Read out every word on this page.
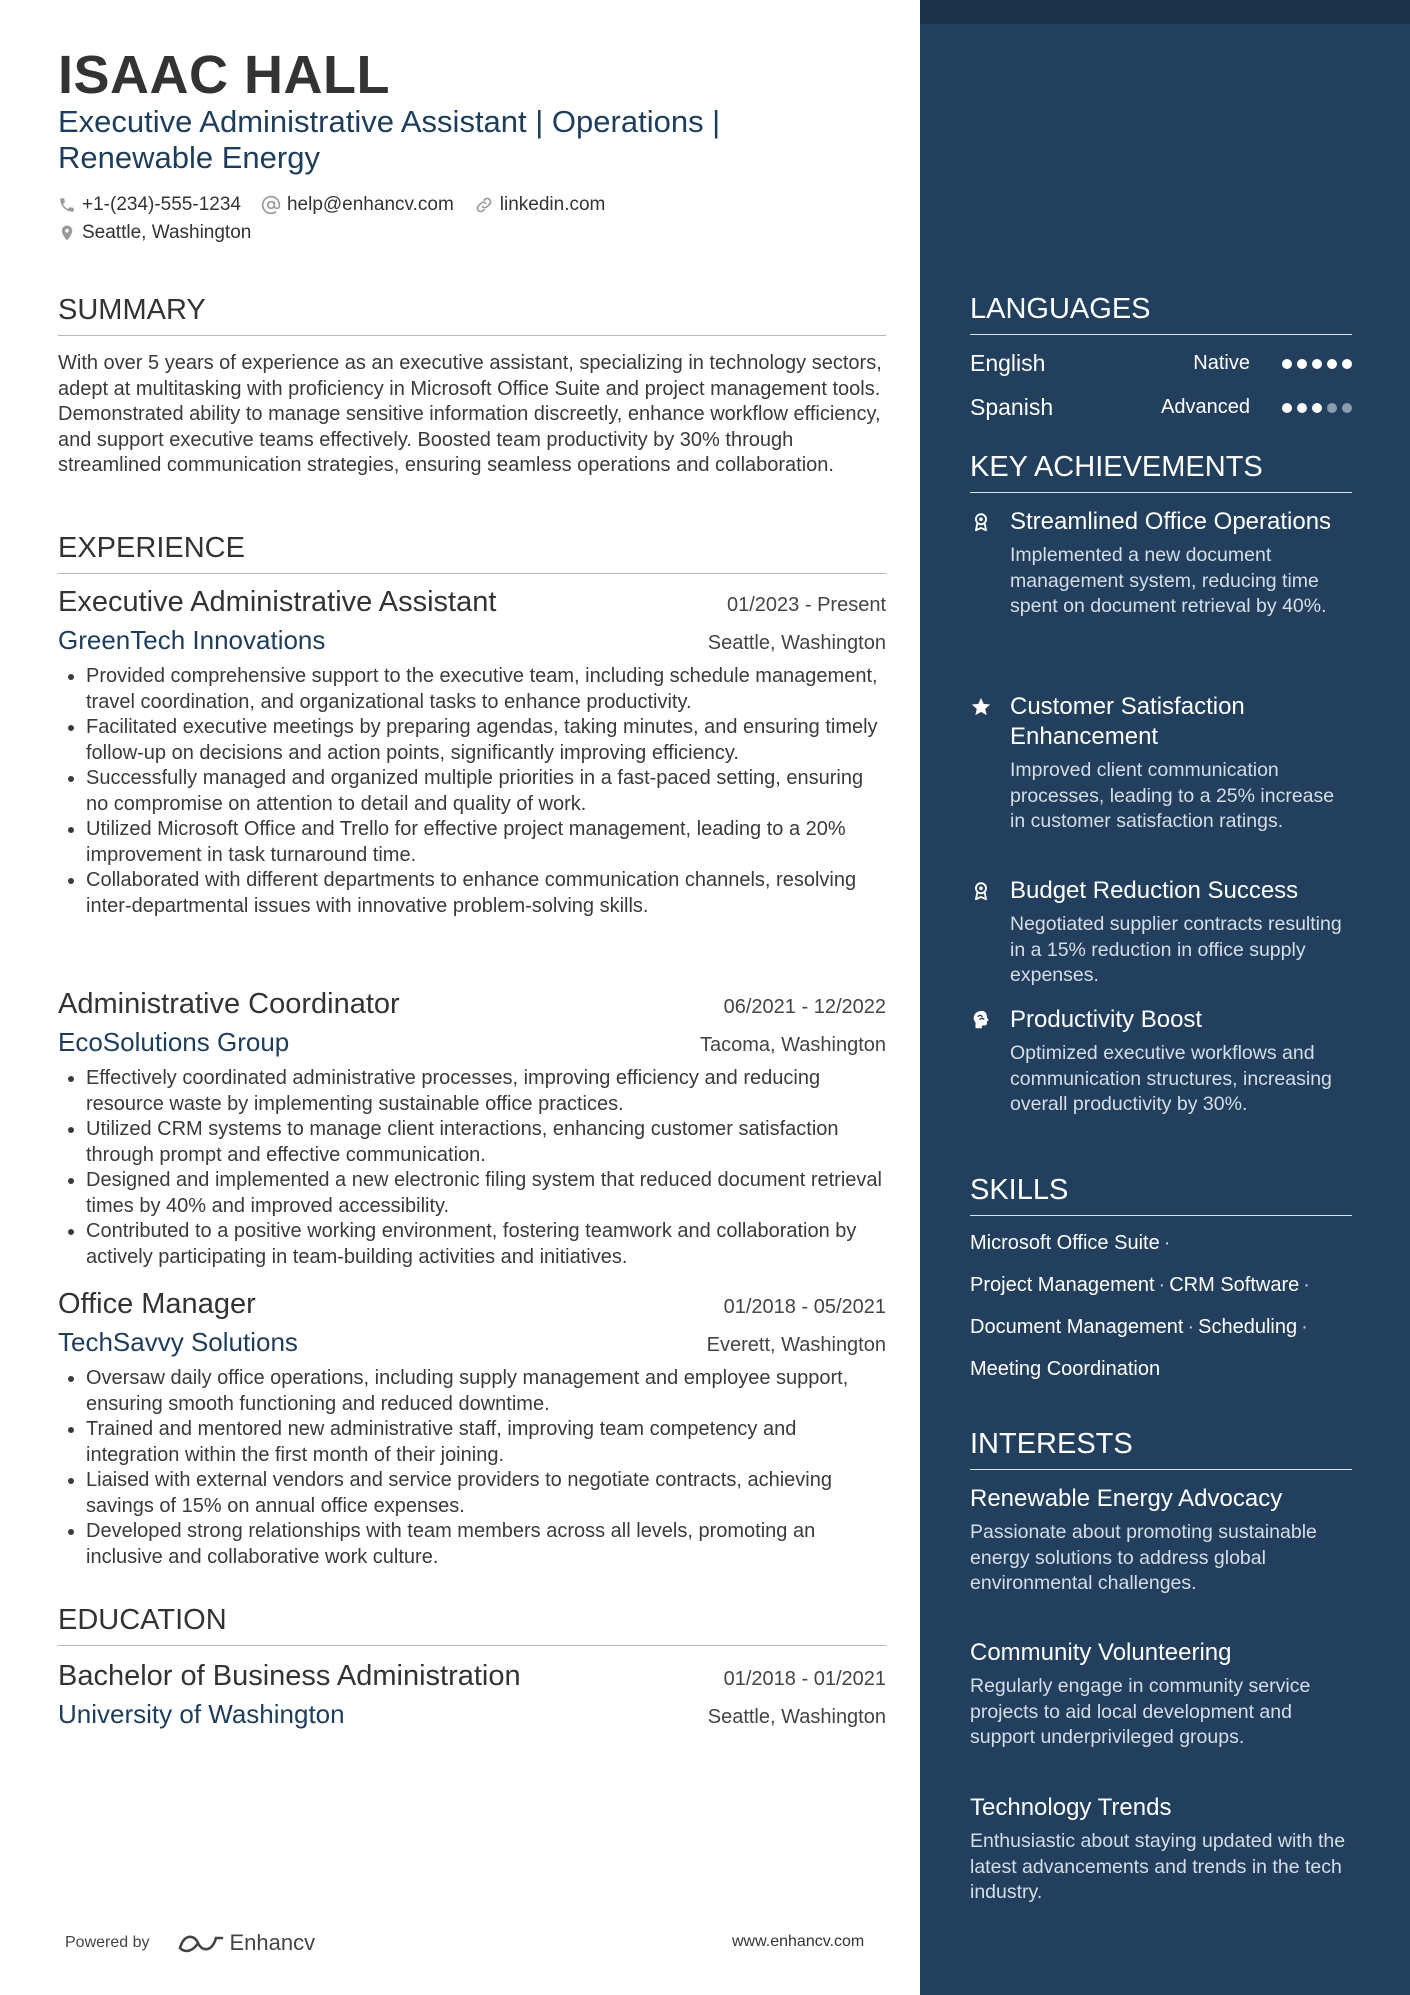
ISAAC HALL

Executive Administrative Assistant | Operations | Renewable Energy

+1-(234)-555-1234 help@enhancv.com linkedin.com
Seattle, Washington
SUMMARY

With over 5 years of experience as an executive assistant, specializing in technology sectors, adept at multitasking with proficiency in Microsoft Office Suite and project management tools. Demonstrated ability to manage sensitive information discreetly, enhance workflow efficiency, and support executive teams effectively. Boosted team productivity by 30% through streamlined communication strategies, ensuring seamless operations and collaboration.

EXPERIENCE
Executive Administrative Assistant	01/2023 - Present
GreenTech Innovations	Seattle, Washington
• Provided comprehensive support to the executive team, including schedule management, travel coordination, and organizational tasks to enhance productivity.
• Facilitated executive meetings by preparing agendas, taking minutes, and ensuring timely follow-up on decisions and action points, significantly improving efficiency.
• Successfully managed and organized multiple priorities in a fast-paced setting, ensuring no compromise on attention to detail and quality of work.
• Utilized Microsoft Office and Trello for effective project management, leading to a 20% improvement in task turnaround time.
• Collaborated with different departments to enhance communication channels, resolving inter-departmental issues with innovative problem-solving skills.
Administrative Coordinator	06/2021 - 12/2022
EcoSolutions Group	Tacoma, Washington
• Effectively coordinated administrative processes, improving efficiency and reducing resource waste by implementing sustainable office practices.
• Utilized CRM systems to manage client interactions, enhancing customer satisfaction through prompt and effective communication.
• Designed and implemented a new electronic filing system that reduced document retrieval times by 40% and improved accessibility.
• Contributed to a positive working environment, fostering teamwork and collaboration by actively participating in team-building activities and initiatives.
Office Manager	01/2018 - 05/2021
TechSavvy Solutions	Everett, Washington
• Oversaw daily office operations, including supply management and employee support, ensuring smooth functioning and reduced downtime.
• Trained and mentored new administrative staff, improving team competency and integration within the first month of their joining.
• Liaised with external vendors and service providers to negotiate contracts, achieving savings of 15% on annual office expenses.
• Developed strong relationships with team members across all levels, promoting an inclusive and collaborative work culture.
EDUCATION
Bachelor of Business Administration	01/2018 - 01/2021
University of Washington	Seattle, Washington
Powered by	Enhancv	www.enhancv.com
LANGUAGES
English	Native
Spanish	Advanced
KEY ACHIEVEMENTS
Streamlined Office Operations
Implemented a new document management system, reducing time spent on document retrieval by 40%.
Customer Satisfaction Enhancement
Improved client communication processes, leading to a 25% increase in customer satisfaction ratings.
Budget Reduction Success
Negotiated supplier contracts resulting in a 15% reduction in office supply expenses.
Productivity Boost
Optimized executive workflows and communication structures, increasing overall productivity by 30%.
SKILLS
Microsoft Office Suite ·
Project Management · CRM Software ·
Document Management · Scheduling ·
Meeting Coordination
INTERESTS
Renewable Energy Advocacy
Passionate about promoting sustainable energy solutions to address global environmental challenges.
Community Volunteering
Regularly engage in community service projects to aid local development and support underprivileged groups.
Technology Trends
Enthusiastic about staying updated with the latest advancements and trends in the tech industry.
